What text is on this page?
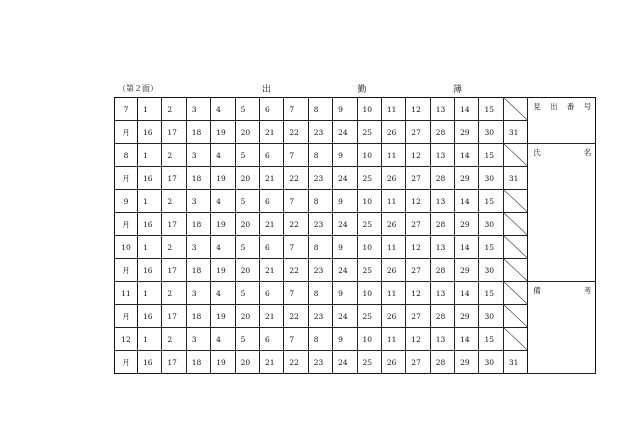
（第２面）	出	勤	簿
7	1	2	3	4	5	6	7	8	9	10	11	12	13	14	15		見 出 番 号

月	16	17	18	19	20	21	22	23	24	25	26	27	28	29	30	31	
8	1	2	3	4	5	6	7	8	9	10	11	12	13	14	15		氏 名

月	16	17	18	19	20	21	22	23	24	25	26	27	28	29	30	31	
9	1	2	3	4	5	6	7	8	9	10	11	12	13	14	15	

月	16	17	18	19	20	21	22	23	24	25	26	27	28	29	30	

10	1	2	3	4	5	6	7	8	9	10	11	12	13	14	15	

月	16	17	18	19	20	21	22	23	24	25	26	27	28	29	30	

11	1	2	3	4	5	6	7	8	9	10	11	12	13	14	15		備 考

月	16	17	18	19	20	21	22	23	24	25	26	27	28	29	30	

12	1	2	3	4	5	6	7	8	9	10	11	12	13	14	15	

月	16	17	18	19	20	21	22	23	24	25	26	27	28	29	30	31	
